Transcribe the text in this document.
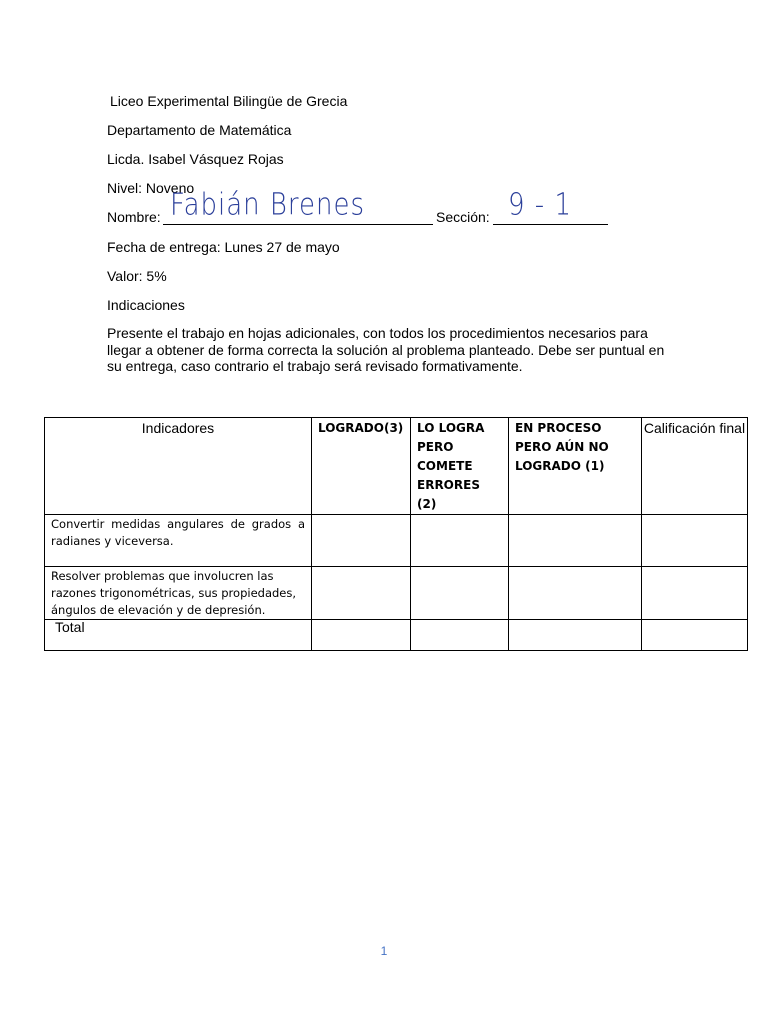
Liceo Experimental Bilingüe de Grecia
Departamento de Matemática
Licda. Isabel Vásquez Rojas
Nivel: Noveno
Nombre: Fabián Brenes	Sección: 9 - 1
Fecha de entrega: Lunes 27 de mayo
Valor: 5%
Indicaciones
Presente el trabajo en hojas adicionales, con todos los procedimientos necesarios para llegar a obtener de forma correcta la solución al problema planteado. Debe ser puntual en su entrega, caso contrario el trabajo será revisado formativamente.
Indicadores	LOGRADO(3)	LO LOGRA PERO COMETE ERRORES (2)	EN PROCESO PERO AÚN NO LOGRADO (1)	Calificación final
Convertir medidas angulares de grados a radianes y viceversa.				
Resolver problemas que involucren las razones trigonométricas, sus propiedades, ángulos de elevación y de depresión.				
Total				
1
